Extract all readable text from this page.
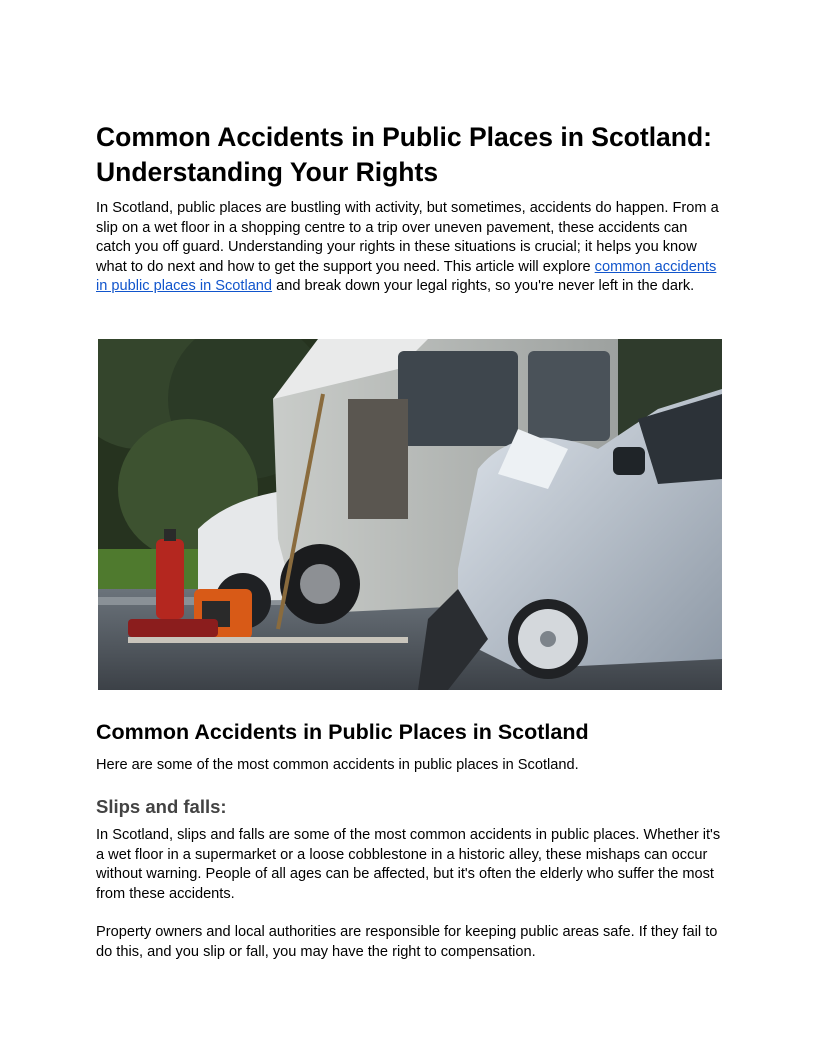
Common Accidents in Public Places in Scotland: Understanding Your Rights

In Scotland, public places are bustling with activity, but sometimes, accidents do happen. From a slip on a wet floor in a shopping centre to a trip over uneven pavement, these accidents can catch you off guard. Understanding your rights in these situations is crucial; it helps you know what to do next and how to get the support you need. This article will explore common accidents in public places in Scotland and break down your legal rights, so you're never left in the dark.

Common Accidents in Public Places in Scotland

Here are some of the most common accidents in public places in Scotland.

Slips and falls:

In Scotland, slips and falls are some of the most common accidents in public places. Whether it's a wet floor in a supermarket or a loose cobblestone in a historic alley, these mishaps can occur without warning. People of all ages can be affected, but it's often the elderly who suffer the most from these accidents.

Property owners and local authorities are responsible for keeping public areas safe. If they fail to do this, and you slip or fall, you may have the right to compensation.
